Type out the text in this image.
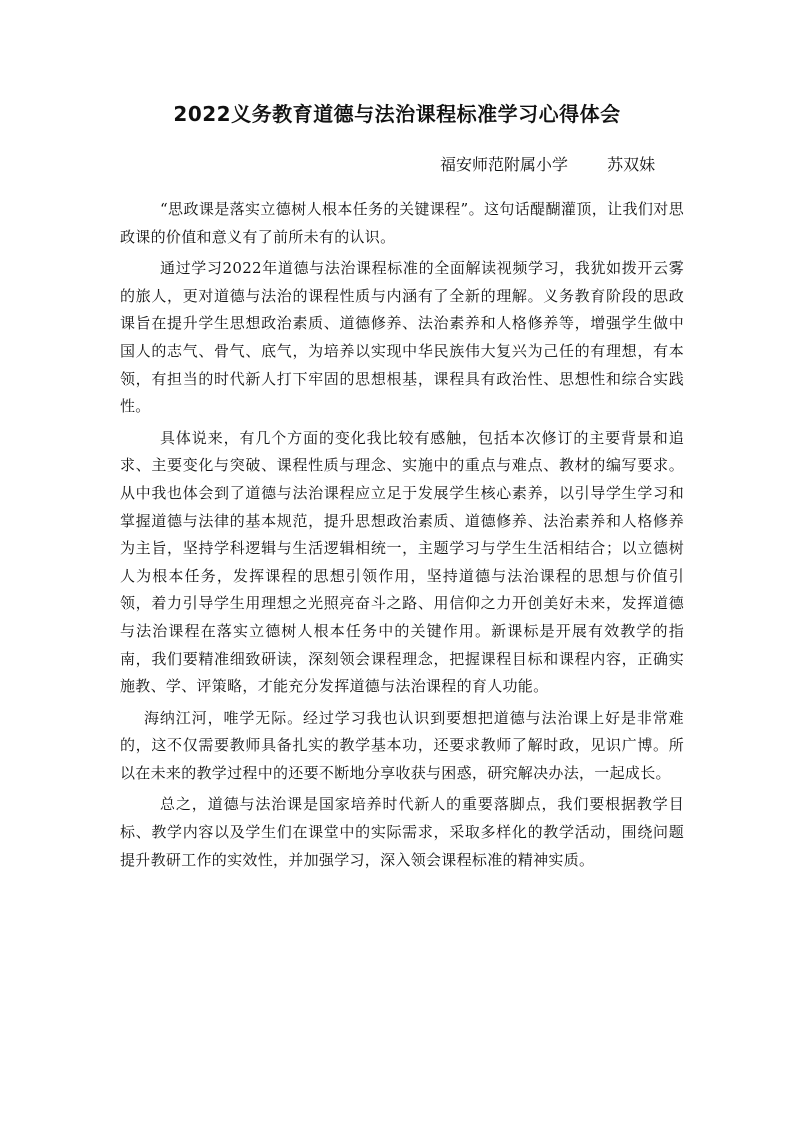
2022义务教育道德与法治课程标准学习心得体会

福安师范附属小学 苏双妹

“思政课是落实立德树人根本任务的关键课程”。这句话醍醐灌顶，让我们对思政课的价值和意义有了前所未有的认识。

通过学习2022年道德与法治课程标准的全面解读视频学习，我犹如拨开云雾的旅人，更对道德与法治的课程性质与内涵有了全新的理解。义务教育阶段的思政课旨在提升学生思想政治素质、道德修养、法治素养和人格修养等，增强学生做中国人的志气、骨气、底气，为培养以实现中华民族伟大复兴为己任的有理想，有本领，有担当的时代新人打下牢固的思想根基，课程具有政治性、思想性和综合实践性。

具体说来，有几个方面的变化我比较有感触，包括本次修订的主要背景和追求、主要变化与突破、课程性质与理念、实施中的重点与难点、教材的编写要求。从中我也体会到了道德与法治课程应立足于发展学生核心素养，以引导学生学习和掌握道德与法律的基本规范，提升思想政治素质、道德修养、法治素养和人格修养为主旨，坚持学科逻辑与生活逻辑相统一，主题学习与学生生活相结合；以立德树人为根本任务，发挥课程的思想引领作用，坚持道德与法治课程的思想与价值引领，着力引导学生用理想之光照亮奋斗之路、用信仰之力开创美好未来，发挥道德与法治课程在落实立德树人根本任务中的关键作用。新课标是开展有效教学的指南，我们要精准细致研读，深刻领会课程理念，把握课程目标和课程内容，正确实施教、学、评策略，才能充分发挥道德与法治课程的育人功能。

海纳江河，唯学无际。经过学习我也认识到要想把道德与法治课上好是非常难的，这不仅需要教师具备扎实的教学基本功，还要求教师了解时政，见识广博。所以在未来的教学过程中的还要不断地分享收获与困惑，研究解决办法，一起成长。

总之，道德与法治课是国家培养时代新人的重要落脚点，我们要根据教学目标、教学内容以及学生们在课堂中的实际需求，采取多样化的教学活动，围绕问题提升教研工作的实效性，并加强学习，深入领会课程标准的精神实质。
